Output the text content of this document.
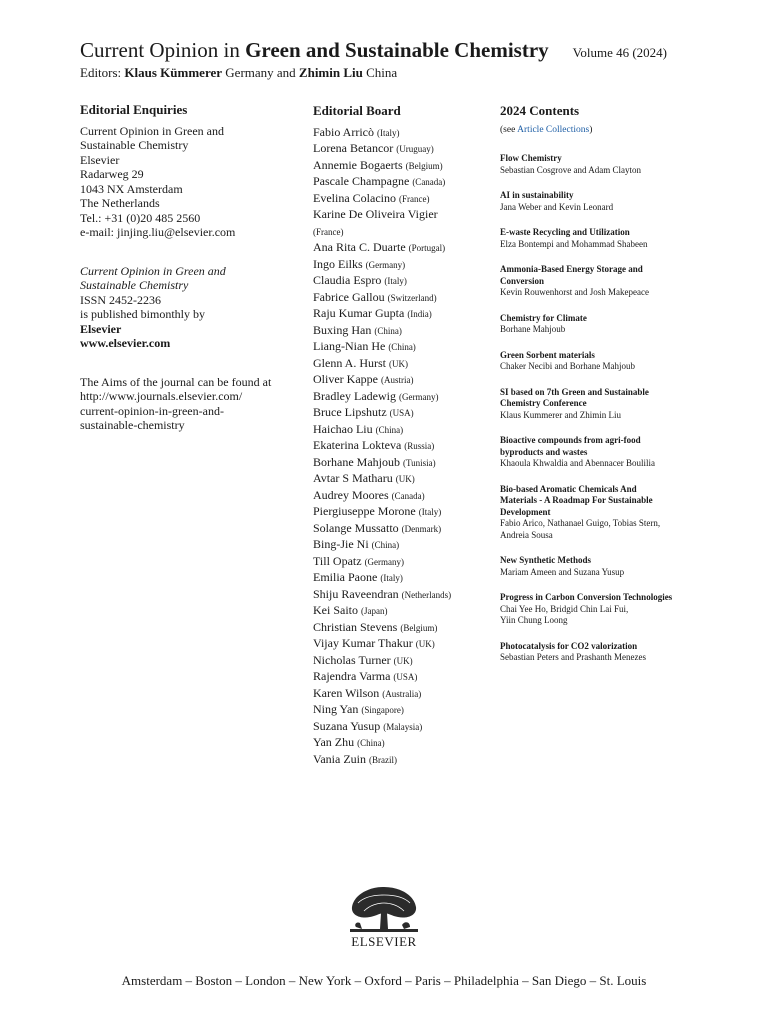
Current Opinion in Green and Sustainable Chemistry Volume 46 (2024)
Editors: Klaus Kümmerer Germany and Zhimin Liu China
Editorial Enquiries
Current Opinion in Green and
Sustainable Chemistry
Elsevier
Radarweg 29
1043 NX Amsterdam
The Netherlands
Tel.: +31 (0)20 485 2560
e-mail: jinjing.liu@elsevier.com
Current Opinion in Green and
Sustainable Chemistry
ISSN 2452-2236
is published bimonthly by
Elsevier
www.elsevier.com
The Aims of the journal can be found at
http://www.journals.elsevier.com/
current-opinion-in-green-and-
sustainable-chemistry
Editorial Board
Fabio Arricò (Italy)
Lorena Betancor (Uruguay)
Annemie Bogaerts (Belgium)
Pascale Champagne (Canada)
Evelina Colacino (France)
Karine De Oliveira Vigier
(France)
Ana Rita C. Duarte (Portugal)
Ingo Eilks (Germany)
Claudia Espro (Italy)
Fabrice Gallou (Switzerland)
Raju Kumar Gupta (India)
Buxing Han (China)
Liang-Nian He (China)
Glenn A. Hurst (UK)
Oliver Kappe (Austria)
Bradley Ladewig (Germany)
Bruce Lipshutz (USA)
Haichao Liu (China)
Ekaterina Lokteva (Russia)
Borhane Mahjoub (Tunisia)
Avtar S Matharu (UK)
Audrey Moores (Canada)
Piergiuseppe Morone (Italy)
Solange Mussatto (Denmark)
Bing-Jie Ni (China)
Till Opatz (Germany)
Emilia Paone (Italy)
Shiju Raveendran (Netherlands)
Kei Saito (Japan)
Christian Stevens (Belgium)
Vijay Kumar Thakur (UK)
Nicholas Turner (UK)
Rajendra Varma (USA)
Karen Wilson (Australia)
Ning Yan (Singapore)
Suzana Yusup (Malaysia)
Yan Zhu (China)
Vania Zuin (Brazil)
2024 Contents
(see Article Collections)
Flow Chemistry
Sebastian Cosgrove and Adam Clayton
AI in sustainability
Jana Weber and Kevin Leonard
E-waste Recycling and Utilization
Elza Bontempi and Mohammad Shabeen
Ammonia-Based Energy Storage and
Conversion
Kevin Rouwenhorst and Josh Makepeace
Chemistry for Climate
Borhane Mahjoub
Green Sorbent materials
Chaker Necibi and Borhane Mahjoub
SI based on 7th Green and Sustainable
Chemistry Conference
Klaus Kummerer and Zhimin Liu
Bioactive compounds from agri-food
byproducts and wastes
Khaoula Khwaldia and Abennacer Boulilia
Bio-based Aromatic Chemicals And
Materials - A Roadmap For Sustainable
Development
Fabio Arico, Nathanael Guigo, Tobias Stern,
Andreia Sousa
New Synthetic Methods
Mariam Ameen and Suzana Yusup
Progress in Carbon Conversion Technologies
Chai Yee Ho, Bridgid Chin Lai Fui,
Yiin Chung Loong
Photocatalysis for CO2 valorization
Sebastian Peters and Prashanth Menezes
ELSEVIER
Amsterdam – Boston – London – New York – Oxford – Paris – Philadelphia – San Diego – St. Louis
